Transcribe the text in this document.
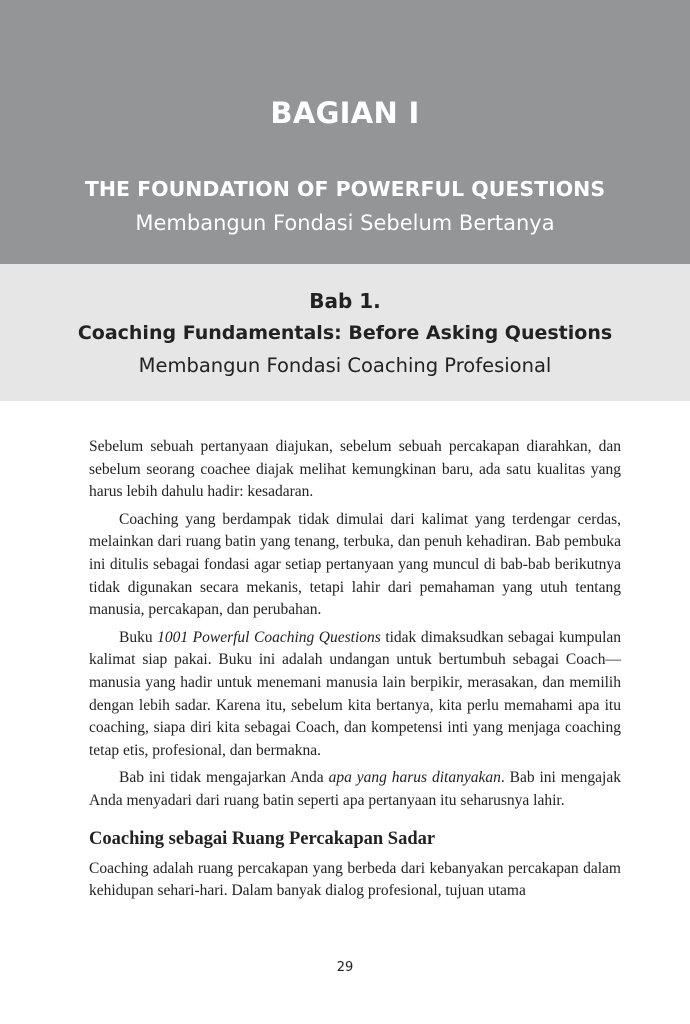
BAGIAN I
THE FOUNDATION OF POWERFUL QUESTIONS
Membangun Fondasi Sebelum Bertanya
Bab 1.
Coaching Fundamentals: Before Asking Questions
Membangun Fondasi Coaching Profesional

Sebelum sebuah pertanyaan diajukan, sebelum sebuah percakapan diarahkan, dan sebelum seorang coachee diajak melihat kemungkinan baru, ada satu kualitas yang harus lebih dahulu hadir: kesadaran.

Coaching yang berdampak tidak dimulai dari kalimat yang terdengar cerdas, melainkan dari ruang batin yang tenang, terbuka, dan penuh kehadiran. Bab pembuka ini ditulis sebagai fondasi agar setiap pertanyaan yang muncul di bab-bab berikutnya tidak digunakan secara mekanis, tetapi lahir dari pemahaman yang utuh tentang manusia, percakapan, dan perubahan.

Buku 1001 Powerful Coaching Questions tidak dimaksudkan sebagai kumpulan kalimat siap pakai. Buku ini adalah undangan untuk bertumbuh sebagai Coach—manusia yang hadir untuk menemani manusia lain berpikir, merasakan, dan memilih dengan lebih sadar. Karena itu, sebelum kita bertanya, kita perlu memahami apa itu coaching, siapa diri kita sebagai Coach, dan kompetensi inti yang menjaga coaching tetap etis, profesional, dan bermakna.

Bab ini tidak mengajarkan Anda apa yang harus ditanyakan. Bab ini mengajak Anda menyadari dari ruang batin seperti apa pertanyaan itu seharusnya lahir.

Coaching sebagai Ruang Percakapan Sadar

Coaching adalah ruang percakapan yang berbeda dari kebanyakan percakapan dalam kehidupan sehari-hari. Dalam banyak dialog profesional, tujuan utama

29
